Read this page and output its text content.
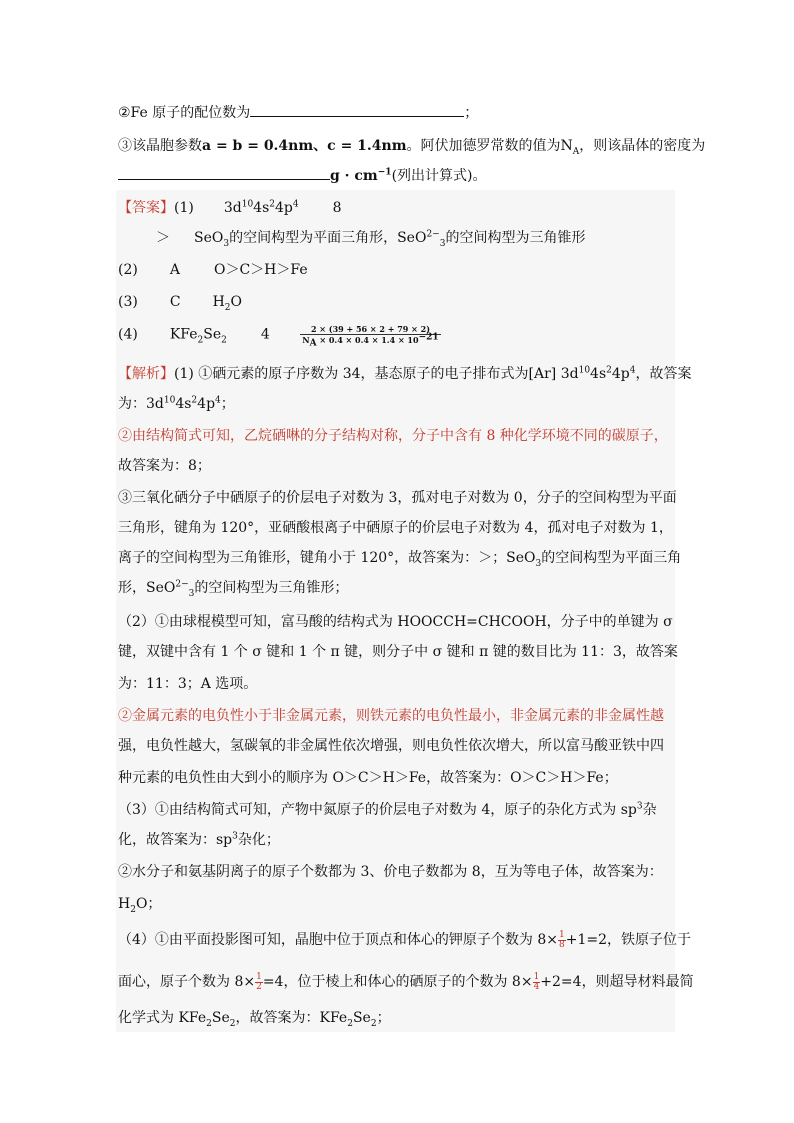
②Fe 原子的配位数为	；
③该晶胞参数a = b = 0.4nm、c = 1.4nm。阿伏加德罗常数的值为$N_A$，则该晶体的密度为
$g \cdot cm^{-1}$(列出计算式)。
【答案】(1) $3d^{10}4s^24p^4$ 8
＞ SeO$_3$的空间构型为平面三角形，SeO$^{2-}_3$的空间构型为三角锥形
(2) A O＞C＞H＞Fe
(3) C $H_2O$
(4) $KFe_2Se_2$ 4	$\frac{2 \times (39 + 56 \times 2 + 79 \times 2)}{N_A \times 0.4 \times 0.4 \times 1.4 \times 10^{-21}}$
【解析】(1) ①硒元素的原子序数为 34，基态原子的电子排布式为[Ar] $3d^{10}4s^24p^4$，故答案
为：$3d^{10}4s^24p^4$；
②由结构简式可知，乙烷硒啉的分子结构对称，分子中含有 8 种化学环境不同的碳原子，
故答案为：8；
③三氧化硒分子中硒原子的价层电子对数为 3，孤对电子对数为 0，分子的空间构型为平面
三角形，键角为 120°，亚硒酸根离子中硒原子的价层电子对数为 4，孤对电子对数为 1，
离子的空间构型为三角锥形，键角小于 120°，故答案为：＞；SeO$_3$的空间构型为平面三角
形，SeO$^{2-}_3$的空间构型为三角锥形；
（2）①由球棍模型可知，富马酸的结构式为 HOOCCH=CHCOOH，分子中的单键为 σ
键，双键中含有 1 个 σ 键和 1 个 π 键，则分子中 σ 键和 π 键的数目比为 11：3，故答案
为：11：3；A 选项。
②金属元素的电负性小于非金属元素，则铁元素的电负性最小，非金属元素的非金属性越
强，电负性越大，氢碳氧的非金属性依次增强，则电负性依次增大，所以富马酸亚铁中四
种元素的电负性由大到小的顺序为 O＞C＞H＞Fe，故答案为：O＞C＞H＞Fe；
（3）①由结构简式可知，产物中氮原子的价层电子对数为 4，原子的杂化方式为 $sp^3$杂
化，故答案为：$sp^3$杂化；
②水分子和氨基阴离子的原子个数都为 3、价电子数都为 8，互为等电子体，故答案为：
$H_2O$；
（4）①由平面投影图可知，晶胞中位于顶点和体心的钾原子个数为 $8\times \frac{1}{8} +1=2$，铁原子位于
面心，原子个数为 $8\times \frac{1}{2} =4$，位于棱上和体心的硒原子的个数为 $8\times \frac{1}{4} +2=4$，则超导材料最简
化学式为 $KFe_2Se_2$，故答案为：$KFe_2Se_2$；
